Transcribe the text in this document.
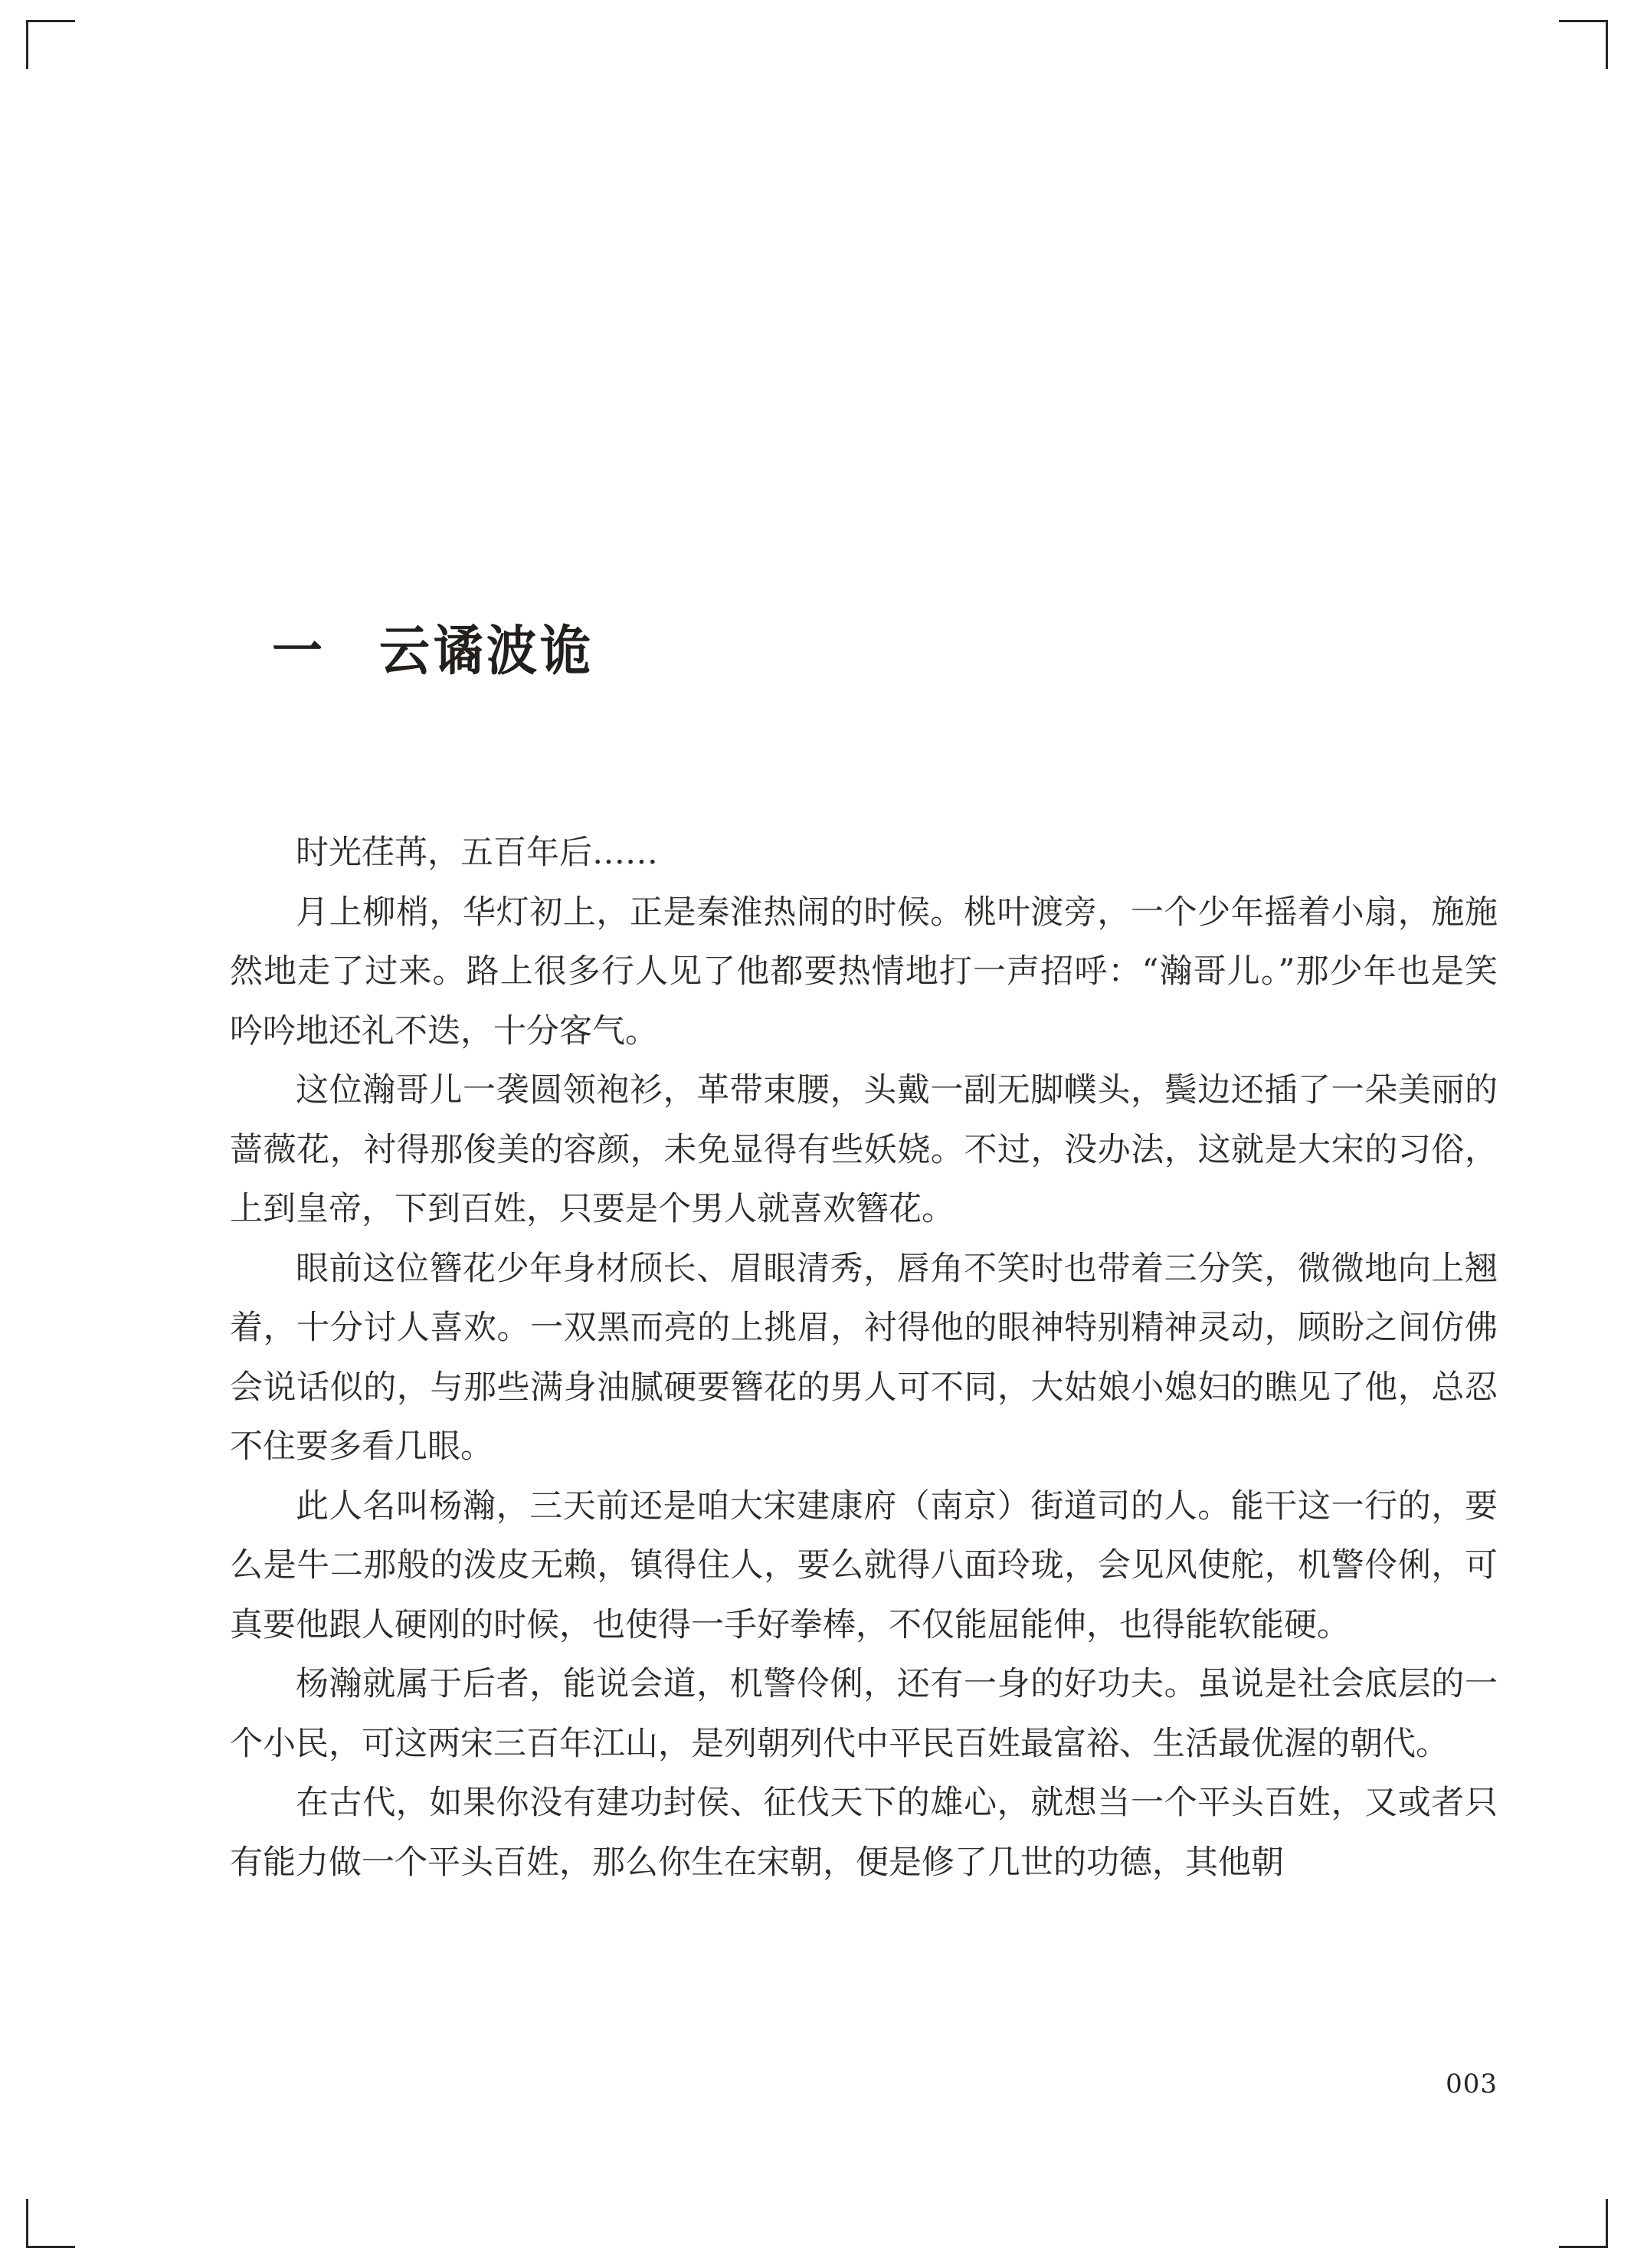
一　云谲波诡

时光荏苒，五百年后……

月上柳梢，华灯初上，正是秦淮热闹的时候。桃叶渡旁，一个少年摇着小扇，施施然地走了过来。路上很多行人见了他都要热情地打一声招呼：“瀚哥儿。”那少年也是笑吟吟地还礼不迭，十分客气。

这位瀚哥儿一袭圆领袍衫，革带束腰，头戴一副无脚幞头，鬓边还插了一朵美丽的蔷薇花，衬得那俊美的容颜，未免显得有些妖娆。不过，没办法，这就是大宋的习俗，上到皇帝，下到百姓，只要是个男人就喜欢簪花。

眼前这位簪花少年身材颀长、眉眼清秀，唇角不笑时也带着三分笑，微微地向上翘着，十分讨人喜欢。一双黑而亮的上挑眉，衬得他的眼神特别精神灵动，顾盼之间仿佛会说话似的，与那些满身油腻硬要簪花的男人可不同，大姑娘小媳妇的瞧见了他，总忍不住要多看几眼。

此人名叫杨瀚，三天前还是咱大宋建康府（南京）街道司的人。能干这一行的，要么是牛二那般的泼皮无赖，镇得住人，要么就得八面玲珑，会见风使舵，机警伶俐，可真要他跟人硬刚的时候，也使得一手好拳棒，不仅能屈能伸，也得能软能硬。

杨瀚就属于后者，能说会道，机警伶俐，还有一身的好功夫。虽说是社会底层的一个小民，可这两宋三百年江山，是列朝列代中平民百姓最富裕、生活最优渥的朝代。

在古代，如果你没有建功封侯、征伐天下的雄心，就想当一个平头百姓，又或者只有能力做一个平头百姓，那么你生在宋朝，便是修了几世的功德，其他朝

003
